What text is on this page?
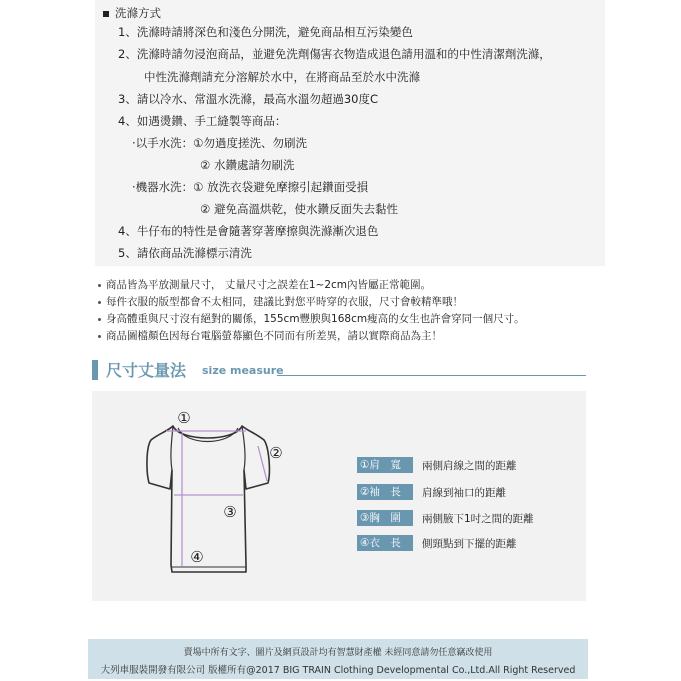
洗滌方式
1、洗滌時請將深色和淺色分開洗，避免商品相互污染變色
2、洗滌時請勿浸泡商品，並避免洗劑傷害衣物造成退色請用溫和的中性清潔劑洗滌，
中性洗滌劑請充分溶解於水中，在將商品至於水中洗滌
3、請以冷水、常溫水洗滌，最高水溫勿超過30度C
4、如遇燙鑽、手工縫製等商品：
‧以手水洗：①勿過度搓洗、勿刷洗
② 水鑽處請勿刷洗
‧機器水洗：① 放洗衣袋避免摩擦引起鑽面受損
② 避免高溫烘乾，使水鑽反面失去黏性
4、牛仔布的特性是會隨著穿著摩擦與洗滌漸次退色
5、請依商品洗滌標示清洗
商品皆為平放測量尺寸， 丈量尺寸之誤差在1~2cm內皆屬正常範圍。
每件衣服的版型都會不太相同，建議比對您平時穿的衣服，尺寸會較精準哦！
身高體重與尺寸沒有絕對的關係，155cm豐腴與168cm瘦高的女生也許會穿同一個尺寸。
商品圖檔顏色因每台電腦螢幕顯色不同而有所差異，請以實際商品為主！
尺寸丈量法 size measure
①
②
③
④
①肩　寬	兩側肩線之間的距離
②袖　長	肩線到袖口的距離
③胸　圍	兩側腋下1吋之間的距離
④衣　長	側頸點到下擺的距離
賣場中所有文字、圖片及網頁設計均有智慧財產權 未經同意請勿任意竊改使用
大列車服裝開發有限公司 版權所有@2017 BIG TRAIN Clothing Developmental Co.,Ltd.All Right Reserved
